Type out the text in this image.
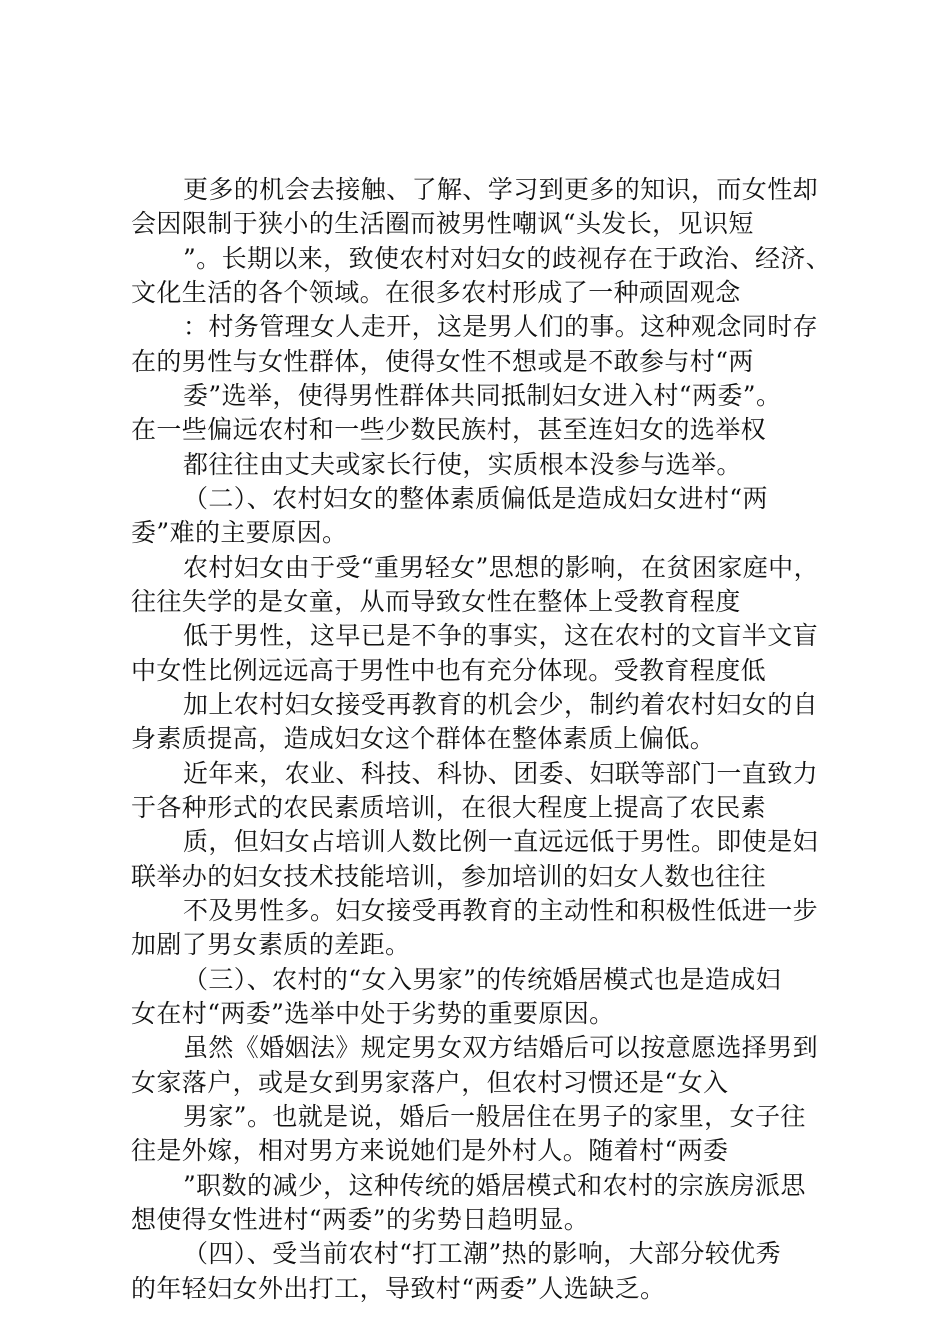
更多的机会去接触、了解、学习到更多的知识，而女性却
会因限制于狭小的生活圈而被男性嘲讽“头发长，见识短
”。长期以来，致使农村对妇女的歧视存在于政治、经济、
文化生活的各个领域。在很多农村形成了一种顽固观念
：村务管理女人走开，这是男人们的事。这种观念同时存
在的男性与女性群体，使得女性不想或是不敢参与村“两
委”选举，使得男性群体共同抵制妇女进入村“两委”。
在一些偏远农村和一些少数民族村，甚至连妇女的选举权
都往往由丈夫或家长行使，实质根本没参与选举。
（二）、农村妇女的整体素质偏低是造成妇女进村“两
委”难的主要原因。
农村妇女由于受“重男轻女”思想的影响，在贫困家庭中，
往往失学的是女童，从而导致女性在整体上受教育程度
低于男性，这早已是不争的事实，这在农村的文盲半文盲
中女性比例远远高于男性中也有充分体现。受教育程度低
加上农村妇女接受再教育的机会少，制约着农村妇女的自
身素质提高，造成妇女这个群体在整体素质上偏低。
近年来，农业、科技、科协、团委、妇联等部门一直致力
于各种形式的农民素质培训，在很大程度上提高了农民素
质，但妇女占培训人数比例一直远远低于男性。即使是妇
联举办的妇女技术技能培训，参加培训的妇女人数也往往
不及男性多。妇女接受再教育的主动性和积极性低进一步
加剧了男女素质的差距。
（三）、农村的“女入男家”的传统婚居模式也是造成妇
女在村“两委”选举中处于劣势的重要原因。
虽然《婚姻法》规定男女双方结婚后可以按意愿选择男到
女家落户，或是女到男家落户，但农村习惯还是“女入
男家”。也就是说，婚后一般居住在男子的家里，女子往
往是外嫁，相对男方来说她们是外村人。随着村“两委
”职数的减少，这种传统的婚居模式和农村的宗族房派思
想使得女性进村“两委”的劣势日趋明显。
（四）、受当前农村“打工潮”热的影响，大部分较优秀
的年轻妇女外出打工，导致村“两委”人选缺乏。
